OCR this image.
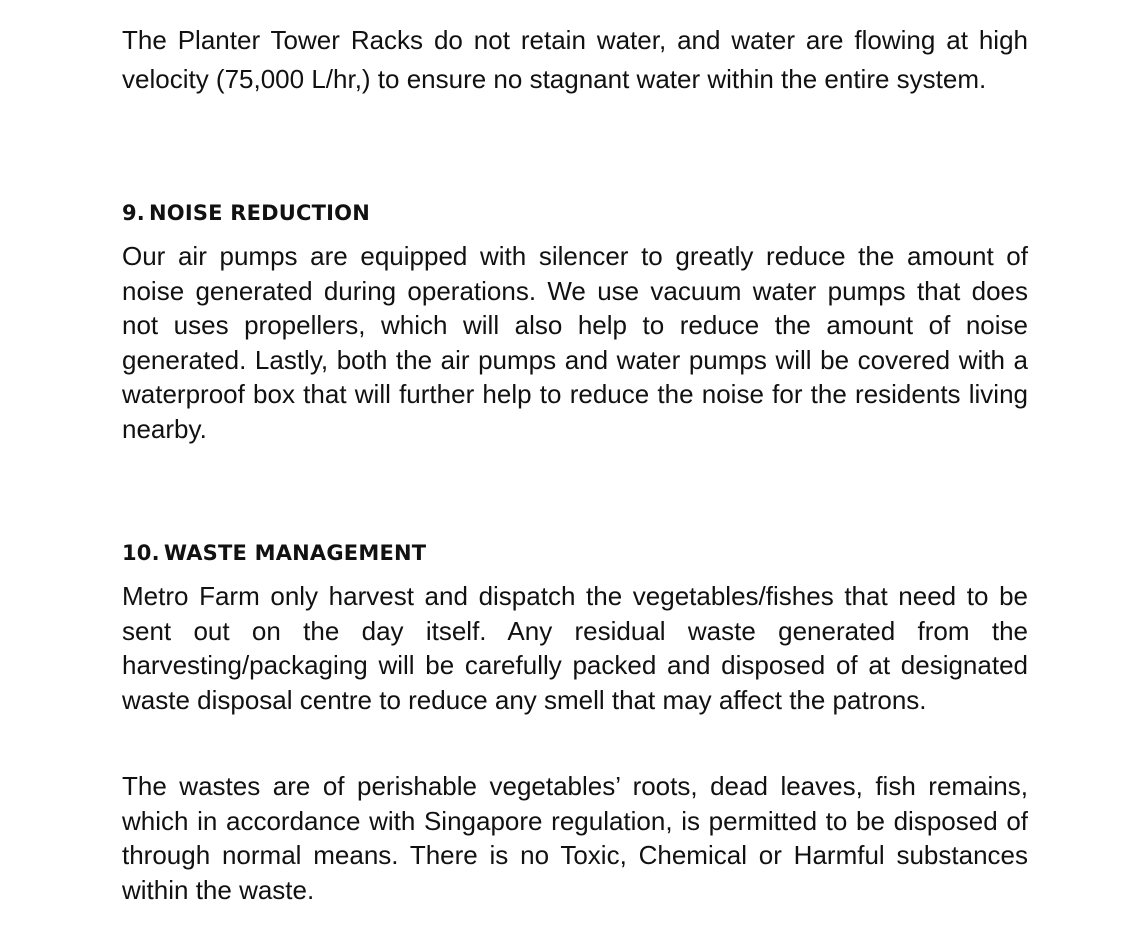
The Planter Tower Racks do not retain water, and water are flowing at high velocity (75,000 L/hr,) to ensure no stagnant water within the entire system.

9. NOISE REDUCTION

Our air pumps are equipped with silencer to greatly reduce the amount of noise generated during operations. We use vacuum water pumps that does not uses propellers, which will also help to reduce the amount of noise generated. Lastly, both the air pumps and water pumps will be covered with a waterproof box that will further help to reduce the noise for the residents living nearby.

10. WASTE MANAGEMENT

Metro Farm only harvest and dispatch the vegetables/fishes that need to be sent out on the day itself. Any residual waste generated from the harvesting/packaging will be carefully packed and disposed of at designated waste disposal centre to reduce any smell that may affect the patrons.

The wastes are of perishable vegetables’ roots, dead leaves, fish remains, which in accordance with Singapore regulation, is permitted to be disposed of through normal means. There is no Toxic, Chemical or Harmful substances within the waste.
